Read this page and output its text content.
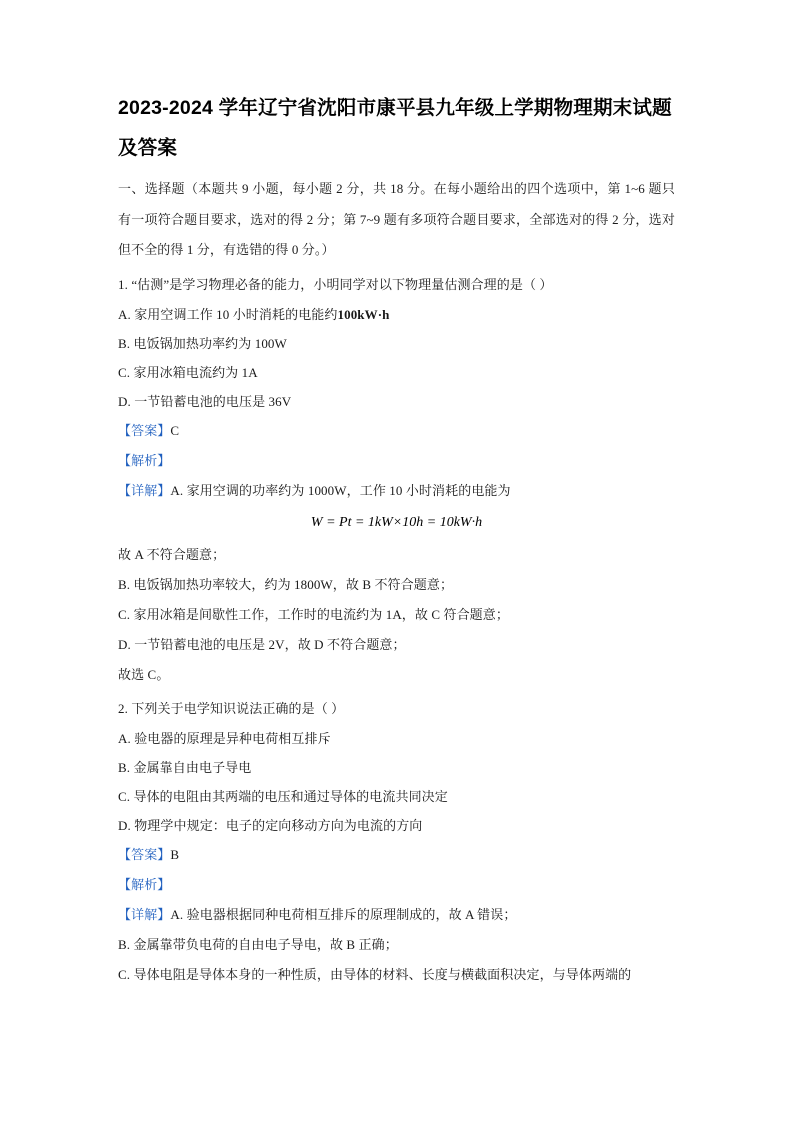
2023-2024 学年辽宁省沈阳市康平县九年级上学期物理期末试题及答案

一、选择题（本题共 9 小题，每小题 2 分，共 18 分。在每小题给出的四个选项中，第 1~6 题只有一项符合题目要求，选对的得 2 分；第 7~9 题有多项符合题目要求，全部选对的得 2 分，选对但不全的得 1 分，有选错的得 0 分。）

1. “估测”是学习物理必备的能力，小明同学对以下物理量估测合理的是（ ）

A. 家用空调工作 10 小时消耗的电能约100kW·h

B. 电饭锅加热功率约为 100W

C. 家用冰箱电流约为 1A

D. 一节铅蓄电池的电压是 36V

【答案】C

【解析】

【详解】A. 家用空调的功率约为 1000W，工作 10 小时消耗的电能为

W = Pt = 1kW×10h = 10kW·h

故 A 不符合题意；

B. 电饭锅加热功率较大，约为 1800W，故 B 不符合题意；

C. 家用冰箱是间歇性工作，工作时的电流约为 1A，故 C 符合题意；

D. 一节铅蓄电池的电压是 2V，故 D 不符合题意；

故选 C。

2. 下列关于电学知识说法正确的是（ ）

A. 验电器的原理是异种电荷相互排斥

B. 金属靠自由电子导电

C. 导体的电阻由其两端的电压和通过导体的电流共同决定

D. 物理学中规定：电子的定向移动方向为电流的方向

【答案】B

【解析】

【详解】A. 验电器根据同种电荷相互排斥的原理制成的，故 A 错误；

B. 金属靠带负电荷的自由电子导电，故 B 正确；

C. 导体电阻是导体本身的一种性质，由导体的材料、长度与横截面积决定，与导体两端的
